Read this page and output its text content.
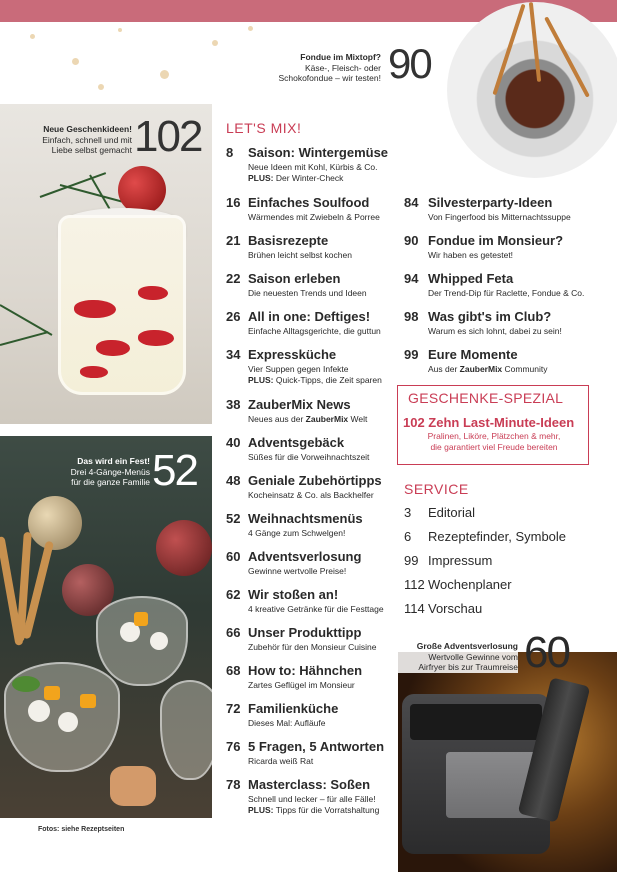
Fondue im Mixtopf?
Käse-, Fleisch- oder
Schokofondue – wir testen! 90
Neue Geschenkideen!
Einfach, schnell und mit
Liebe selbst gemacht 102
Das wird ein Fest!
Drei 4-Gänge-Menüs
für die ganze Familie 52
Fotos: siehe Rezeptseiten
LET'S MIX!
8 Saison: Wintergemüse
Neue Ideen mit Kohl, Kürbis & Co.
PLUS: Der Winter-Check
16 Einfaches Soulfood
Wärmendes mit Zwiebeln & Porree
21 Basisrezepte
Brühen leicht selbst kochen
22 Saison erleben
Die neuesten Trends und Ideen
26 All in one: Deftiges!
Einfache Alltagsgerichte, die guttun
34 Expressküche
Vier Suppen gegen Infekte
PLUS: Quick-Tipps, die Zeit sparen
38 ZauberMix News
Neues aus der ZauberMix Welt
40 Adventsgebäck
Süßes für die Vorweihnachtszeit
48 Geniale Zubehörtipps
Kocheinsatz & Co. als Backhelfer
52 Weihnachtsmenüs
4 Gänge zum Schwelgen!
60 Adventsverlosung
Gewinne wertvolle Preise!
62 Wir stoßen an!
4 kreative Getränke für die Festtage
66 Unser Produkttipp
Zubehör für den Monsieur Cuisine
68 How to: Hähnchen
Zartes Geflügel im Monsieur
72 Familienküche
Dieses Mal: Aufläufe
76 5 Fragen, 5 Antworten
Ricarda weiß Rat
78 Masterclass: Soßen
Schnell und lecker – für alle Fälle!
PLUS: Tipps für die Vorratshaltung
84 Silvesterparty-Ideen
Von Fingerfood bis Mitternachtssuppe
90 Fondue im Monsieur?
Wir haben es getestet!
94 Whipped Feta
Der Trend-Dip für Raclette, Fondue & Co.
98 Was gibt's im Club?
Warum es sich lohnt, dabei zu sein!
99 Eure Momente
Aus der ZauberMix Community
GESCHENKE-SPEZIAL
102 Zehn Last-Minute-Ideen
Pralinen, Liköre, Plätzchen & mehr,
die garantiert viel Freude bereiten
SERVICE
3 Editorial
6 Rezeptefinder, Symbole
99 Impressum
112 Wochenplaner
114 Vorschau
Große Adventsverlosung
Wertvolle Gewinne vom
Airfryer bis zur Traumreise 60
